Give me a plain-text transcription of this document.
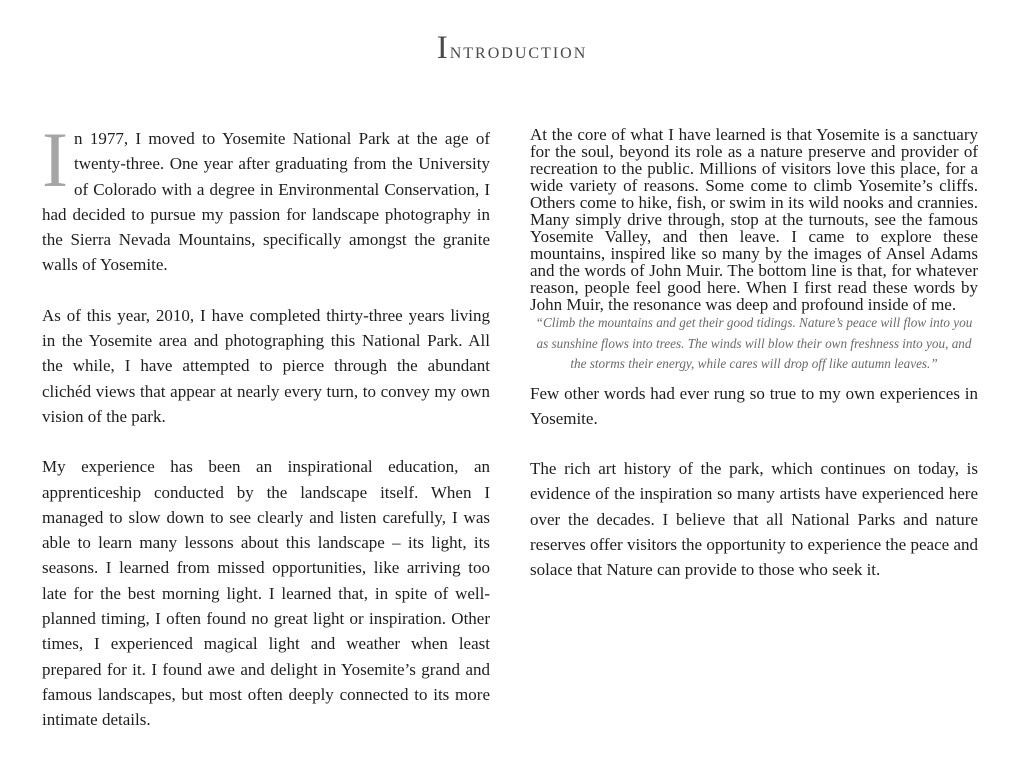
Introduction

In 1977, I moved to Yosemite National Park at the age of twenty-three. One year after graduating from the University of Colorado with a degree in Environmental Conservation, I had decided to pursue my passion for landscape photography in the Sierra Nevada Mountains, specifically amongst the granite walls of Yosemite.

As of this year, 2010, I have completed thirty-three years living in the Yosemite area and photographing this National Park. All the while, I have attempted to pierce through the abundant clichéd views that appear at nearly every turn, to convey my own vision of the park.

My experience has been an inspirational education, an apprenticeship conducted by the landscape itself. When I managed to slow down to see clearly and listen carefully, I was able to learn many lessons about this landscape – its light, its seasons. I learned from missed opportunities, like arriving too late for the best morning light. I learned that, in spite of well-planned timing, I often found no great light or inspiration. Other times, I experienced magical light and weather when least prepared for it. I found awe and delight in Yosemite’s grand and famous landscapes, but most often deeply connected to its more intimate details.

At the core of what I have learned is that Yosemite is a sanctuary for the soul, beyond its role as a nature preserve and provider of recreation to the public. Millions of visitors love this place, for a wide variety of reasons. Some come to climb Yosemite’s cliffs. Others come to hike, fish, or swim in its wild nooks and crannies. Many simply drive through, stop at the turnouts, see the famous Yosemite Valley, and then leave. I came to explore these mountains, inspired like so many by the images of Ansel Adams and the words of John Muir. The bottom line is that, for whatever reason, people feel good here. When I first read these words by John Muir, the resonance was deep and profound inside of me.

“Climb the mountains and get their good tidings. Nature’s peace will flow into you as sunshine flows into trees. The winds will blow their own freshness into you, and the storms their energy, while cares will drop off like autumn leaves.”

Few other words had ever rung so true to my own experiences in Yosemite.

The rich art history of the park, which continues on today, is evidence of the inspiration so many artists have experienced here over the decades. I believe that all National Parks and nature reserves offer visitors the opportunity to experience the peace and solace that Nature can provide to those who seek it.
